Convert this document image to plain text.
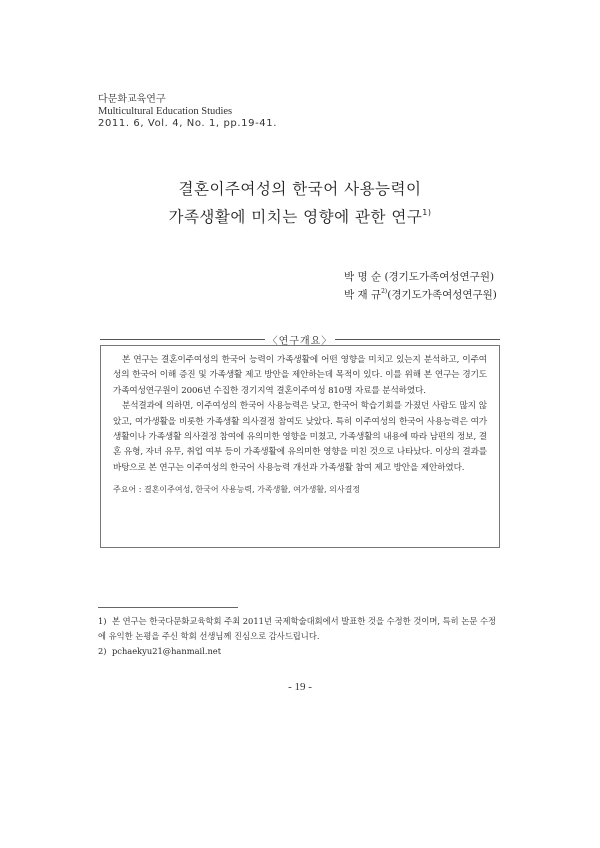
다문화교육연구
Multicultural Education Studies
2011. 6, Vol. 4, No. 1, pp.19-41.
결혼이주여성의 한국어 사용능력이
가족생활에 미치는 영향에 관한 연구$^{1)}$
박 명 순 (경기도가족여성연구원)
박 재 규$^{2)}$(경기도가족여성연구원)
〈연구개요〉

본 연구는 결혼이주여성의 한국어 능력이 가족생활에 어떤 영향을 미치고 있는지 분석하고, 이주여성의 한국어 이해 증진 및 가족생활 제고 방안을 제안하는데 목적이 있다. 이를 위해 본 연구는 경기도가족여성연구원이 2006년 수집한 경기지역 결혼이주여성 810명 자료를 분석하였다.

분석결과에 의하면, 이주여성의 한국어 사용능력은 낮고, 한국어 학습기회를 가졌던 사람도 많지 않았고, 여가생활을 비롯한 가족생활 의사결정 참여도 낮았다. 특히 이주여성의 한국어 사용능력은 여가생활이나 가족생활 의사결정 참여에 유의미한 영향을 미쳤고, 가족생활의 내용에 따라 남편의 정보, 결혼 유형, 자녀 유무, 취업 여부 등이 가족생활에 유의미한 영향을 미친 것으로 나타났다. 이상의 결과를 바탕으로 본 연구는 이주여성의 한국어 사용능력 개선과 가족생활 참여 제고 방안을 제안하였다.

주요어 : 결혼이주여성, 한국어 사용능력, 가족생활, 여가생활, 의사결정
1) 본 연구는 한국다문화교육학회 주최 2011년 국제학술대회에서 발표한 것을 수정한 것이며, 특히 논문 수정에 유익한 논평을 주신 학회 선생님께 진심으로 감사드립니다.
2) pchaekyu21@hanmail.net
- 19 -
